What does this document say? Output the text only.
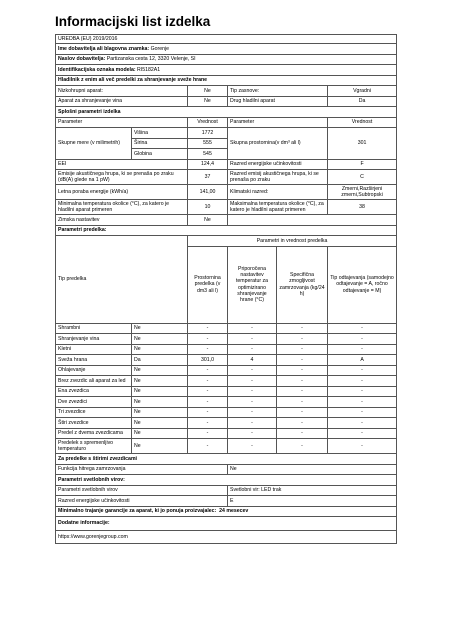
Informacijski list izdelka
UREDBA (EU) 2019/2016					
Ime dobavitelja ali blagovna znamka: Gorenje					
Naslov dobavitelja: Partizanska cesta 12, 3320 Velenje, SI					
Identifikacijska oznaka modela: RI5182A1					
Hladilnik z enim ali več predelki za shranjevanje sveže hrane					
Nizkohrupni aparat:		Ne	Tip zasnove:		Vgradni
Aparat za shranjevanje vina		Ne	Drug hladilni aparat		Da
Splošni parametri izdelka					
Parameter		Vrednost	Parameter		Vrednost
Skupne mere (v milimetrih)	Višina	1772	Skupna prostornina(v dm³ ali l)		301
	Širina	555			
	Globina	545			
EEI		124,4	Razred energijske učinkovitosti		F
Emisije akustičnega hrupa, ki se prenaša po zraku (dB(A) glede na 1 pW)		37	Razred emisij akustičnega hrupa, ki se prenaša po zraku		C
Letna poraba energije (kWh/a)		141,00	Klimatski razred:		Zmerni,Razširjeni zmerni,Subtropski
Minimalna temperatura okolice (°C), za katero je hladilni aparat primeren		10	Maksimalna temperatura okolice (°C), za katero je hladilni aparat primeren		38
Zimska nastavitev		Ne			
Parametri predelka:					
Tip predelka		Parametri in vrednost predelka			
		Prostornina predelka (v dm3 ali l)	Priporočena nastavitev temperatur za optimizirano shranjevanje hrane (°C)	Specifična zmogljivost zamrzovanja (kg/24 h)	Tip odtajevanja (samodejno odtajevanje = A, ročno odtajevanje = M)
Shrambni	Ne	-	-	-	-
Shranjevanje vina	Ne	-	-	-	-
Kletni	Ne	-	-	-	-
Sveža hrana	Da	301,0	4	-	A
Ohlajevanje	Ne	-	-	-	-
Brez zvezdic ali aparat za led	Ne	-	-	-	-
Ena zvezdica	Ne	-	-	-	-
Dve zvezdici	Ne	-	-	-	-
Tri zvezdice	Ne	-	-	-	-
Štiri zvezdice	Ne	-	-	-	-
Predel z dvema zvezdicama	Ne	-	-	-	-
Predelek s spremenljivo temperaturo	Ne	-	-	-	-
Za predelke s štirimi zvezdicami					
Funkcija hitrega zamrzovanja			Ne		
Parametri svetlobnih virov:					
Parametri svetlobnih virov			Svetlobni vir: LED trak		
Razred energijske učinkovitosti			E		
Minimalno trajanje garancije za aparat, ki jo ponuja proizvajalec: 24 mesecev					
Dodatne informacije:					
https://www.gorenjegroup.com					
